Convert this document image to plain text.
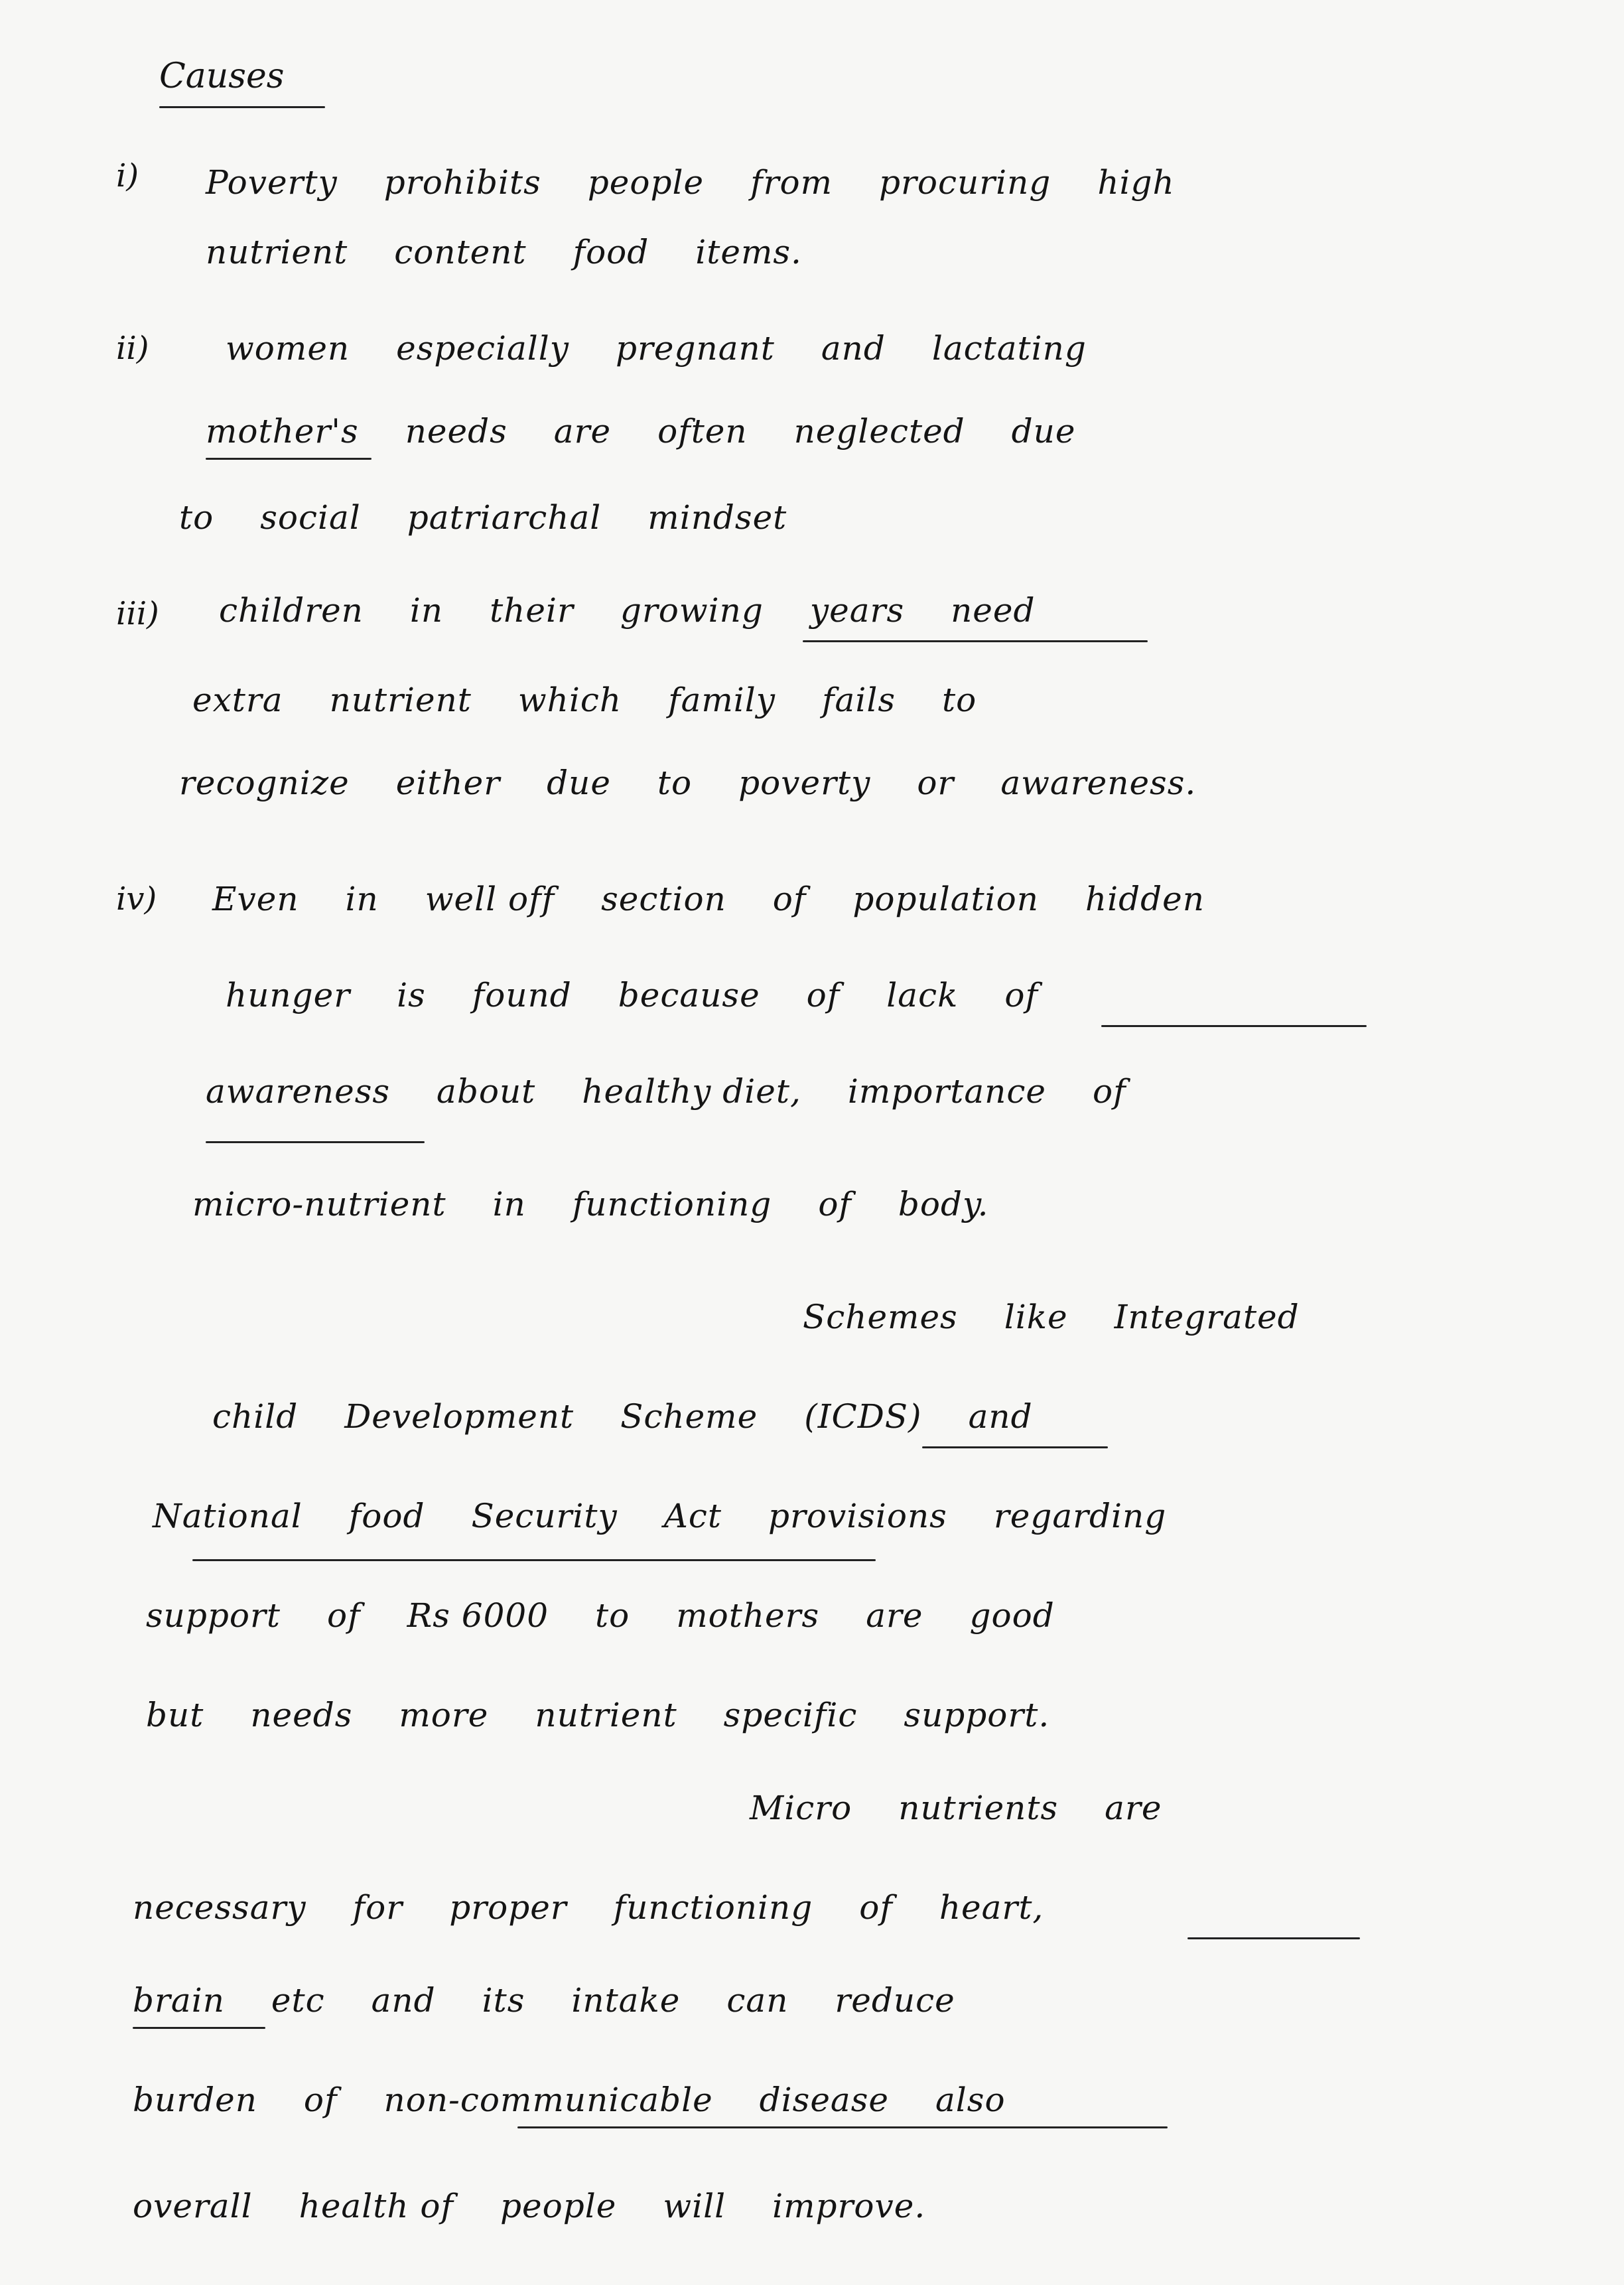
Causes
i) Poverty prohibits people from procuring high
nutrient content food items.
ii) women especially pregnant and lactating
mother's needs are often neglected due
to social patriarchal mindset
iii) children in their growing years need
extra nutrient which family fails to
recognize either due to poverty or awareness.
iv) Even in well off section of population hidden
hunger is found because of lack of
awareness about healthy diet, importance of
micro-nutrient in functioning of body.
Schemes like Integrated
child Development Scheme (ICDS) and
National food Security Act provisions regarding
support of Rs 6000 to mothers are good
but needs more nutrient specific support.
Micro nutrients are
necessary for proper functioning of heart,
brain etc and its intake can reduce
burden of non-communicable disease also
overall health of people will improve.
